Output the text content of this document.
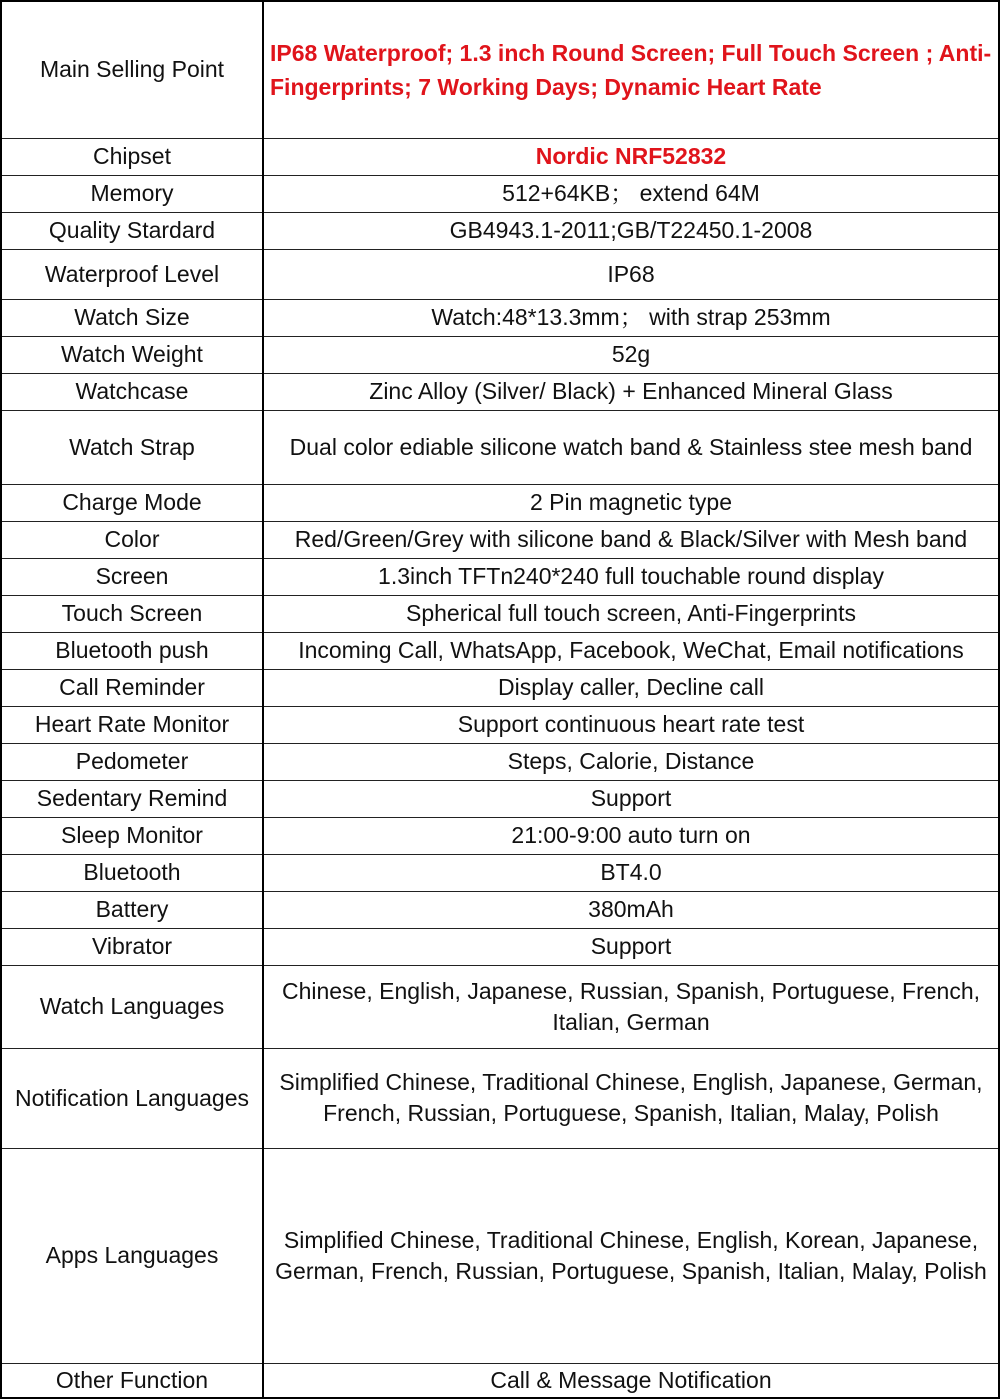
Main Selling Point	IP68 Waterproof; 1.3 inch Round Screen; Full Touch Screen ; Anti-Fingerprints; 7 Working Days; Dynamic Heart Rate
Chipset	Nordic NRF52832
Memory	512+64KB； extend 64M
Quality Stardard	GB4943.1-2011;GB/T22450.1-2008
Waterproof Level	IP68
Watch Size	Watch:48*13.3mm； with strap 253mm
Watch Weight	52g
Watchcase	Zinc Alloy (Silver/ Black) + Enhanced Mineral Glass
Watch Strap	Dual color ediable silicone watch band & Stainless stee mesh band
Charge Mode	2 Pin magnetic type
Color	Red/Green/Grey with silicone band & Black/Silver with Mesh band
Screen	1.3inch TFTn240*240 full touchable round display
Touch Screen	Spherical full touch screen, Anti-Fingerprints
Bluetooth push	Incoming Call, WhatsApp, Facebook, WeChat, Email notifications
Call Reminder	Display caller, Decline call
Heart Rate Monitor	Support continuous heart rate test
Pedometer	Steps, Calorie, Distance
Sedentary Remind	Support
Sleep Monitor	21:00-9:00 auto turn on
Bluetooth	BT4.0
Battery	380mAh
Vibrator	Support
Watch Languages	Chinese, English, Japanese, Russian, Spanish, Portuguese, French, Italian, German
Notification Languages	Simplified Chinese, Traditional Chinese, English, Japanese, German, French, Russian, Portuguese, Spanish, Italian, Malay, Polish
Apps Languages	Simplified Chinese, Traditional Chinese, English, Korean, Japanese, German, French, Russian, Portuguese, Spanish, Italian, Malay, Polish
Other Function	Call & Message Notification
